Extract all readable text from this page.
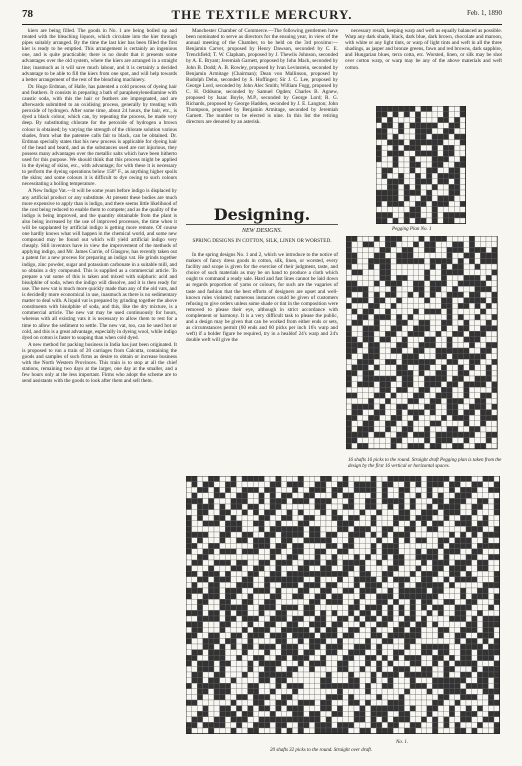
78	THE TEXTILE MERCURY.	Feb. 1, 1890

kiers are being filled. The goods in No. 1 are being boiled up and treated with the bleaching liquors, which circulate into the kier through pipes suitably arranged. By the time the last kier has been filled the first kier is ready to be emptied. This arrangement is certainly an ingenious one, and is quite practicable; there is no doubt that it presents some advantages over the old system, where the kiers are arranged in a straight line; inasmuch as it will save much labour, and it is certainly a decided advantage to be able to fill the kiers from one spot, and will help towards a better arrangement of the rest of the bleaching machinery.

Dr. Hugo Erdman, of Halle, has patented a cold process of dyeing hair and feathers. It consists in preparing a bath of paraphenylenediamine with caustic soda, with this the hair or feathers are impregnated, and are afterwards submitted to an oxidising process, generally by treating with peroxide of hydrogen. After some time, about 24 hours, the hair, etc., is dyed a black colour, which can, by repeating the process, be made very deep. By substituting chlorate for the peroxide of hydrogen a brown colour is obtained; by varying the strength of the chlorate solution various shades, from what the patentee calls fair to black, can be obtained. Dr. Erdman specially states that his new process is applicable for dyeing hair of the head and beard, and as the substances used are not injurious, they possess many advantages over the metallic salts which have been hitherto used for this purpose. We should think that this process might be applied in the dyeing of skins, etc., with advantage; for with these it is necessary to perform the dyeing operations below 150° F., as anything higher spoils the skins; and some colours it is difficult to dye owing to such colours necessitating a boiling temperature.

A New Indigo Vat.—It will be some years before indigo is displaced by any artificial product or any substitute. At present these bodies are much more expensive to apply than is indigo, and there seems little likelihood of the cost being reduced to enable them to compete; and as the quality of the indigo is being improved, and the quantity obtainable from the plant is also being increased by the use of improved processes, the time when it will be supplanted by artificial indigo is getting more remote. Of course one hardly knows what will happen in the chemical world, and some new compound may be found out which will yield artificial indigo very cheaply. Still inventors have in view the improvement of the methods of applying indigo, and Mr. James Currie, of Glasgow, has recently taken out a patent for a new process for preparing an indigo vat. He grinds together indigo, zinc powder, sugar and potassium carbonate in a suitable mill, and so obtains a dry compound. This is supplied as a commercial article. To prepare a vat some of this is taken and mixed with sulphuric acid and bisulphite of soda, when the indigo will dissolve, and it is then ready for use. The new vat is much more quickly made than any of the old vats, and is decidedly more economical in use, inasmuch as there is no sedimentary matter to deal with. A liquid vat is prepared by grinding together the above constituents with bisulphite of soda, and this, like the dry mixture, is a commercial article. The new vat may be used continuously for hours, whereas with all existing vats it is necessary to allow them to rest for a time to allow the sediment to settle. The new vat, too, can be used hot or cold, and this is a great advantage, especially in dyeing wool, while indigo dyed on cotton is faster to soaping than when cold dyed.

A new method for packing business in India has just been originated. It is proposed to run a train of 20 carriages from Calcutta, containing the goods and samples of such firms as desire to obtain or increase business with the North Western Provinces. This train is to stop at all the chief stations, remaining two days at the larger, one day at the smaller, and a few hours only at the less important. Firms who adopt the scheme are to send assistants with the goods to look after them and sell them.

Manchester Chamber of Commerce.—The following gentlemen have been nominated to serve as directors for the ensuing year, in view of the annual meeting of the Chamber, to be held on the 3rd proximo:—Benjamin Carver, proposed by Henry Dawson, seconded by C. E. Trenchfield; T. W. Clapham, proposed by J. Thewlis Johnson, seconded by A. E. Bryant; Jeremiah Garnett, proposed by John Mack, seconded by John B. Dodd; A. B. Rowley, proposed by Ivan Levinstein, seconded by Benjamin Armitage (Chairman); Dean von Mallinson, proposed by Rudolph Dehn, seconded by S. Hoffinger; Sir J. C. Lee, proposed by George Lord, seconded by John Alec Smith; William Fogg, proposed by C. H. Oddsone, seconded by Samuel Ogden; Charles B. Agnew, proposed by Isaac Boyle, M.P., seconded by George Lord; R. G. Richards, proposed by George Hadden, seconded by J. E. Langton; John Thompson, proposed by Benjamin Armitage, seconded by Jeremiah Garnett. The number to be elected is nine. In this list the retiring directors are denoted by an asterisk.

Designing.
NEW DESIGNS.
SPRING DESIGNS IN COTTON, SILK, LINEN OR WORSTED.

In the spring designs No. 1 and 2, which we introduce to the notice of makers of fancy dress goods in cotton, silk, linen, or worsted, every facility and scope is given for the exercise of their judgment, taste, and choice of such materials as may be on hand to produce a cloth which ought to command a ready sale. Hard and fast lines cannot be laid down as regards proportion of yarns or colours, for such are the vagaries of taste and fashion that the best efforts of designers are upset and well-known rules violated; numerous instances could be given of customers refusing to give orders unless some shade or tint in the composition were removed to please their eye, although in strict accordance with complement or harmony. It is a very difficult task to please the public, and a design may be given that can be worked from either ends or sets, as circumstances permit (60 ends and 60 picks per inch 16's warp and weft) if a bolder figure be required, try in a healdof 24's warp and 24's double weft will give the

necessary result, keeping warp and weft as equally balanced as possible. Warp any dark shade, black, dark blue, dark brown, chocolate and maroon, with white or any light tints, or warp of light tints and weft in all the three shadings, as jasper and bronze greens, fawn and red browns, dark sapphire, and Hungarian blues, terra cotta, etc. Worsted, linen, or silk may be shot over cotton warp, or warp may be any of the above materials and weft cotton.

Pegging Plan No. 1
16 shafts 16 picks to the round. Straight draft Pegging plan is taken from the design by the first 16 vertical or horizontal spaces.
No. 1.
20 shafts 32 picks to the round. Straight over draft.
